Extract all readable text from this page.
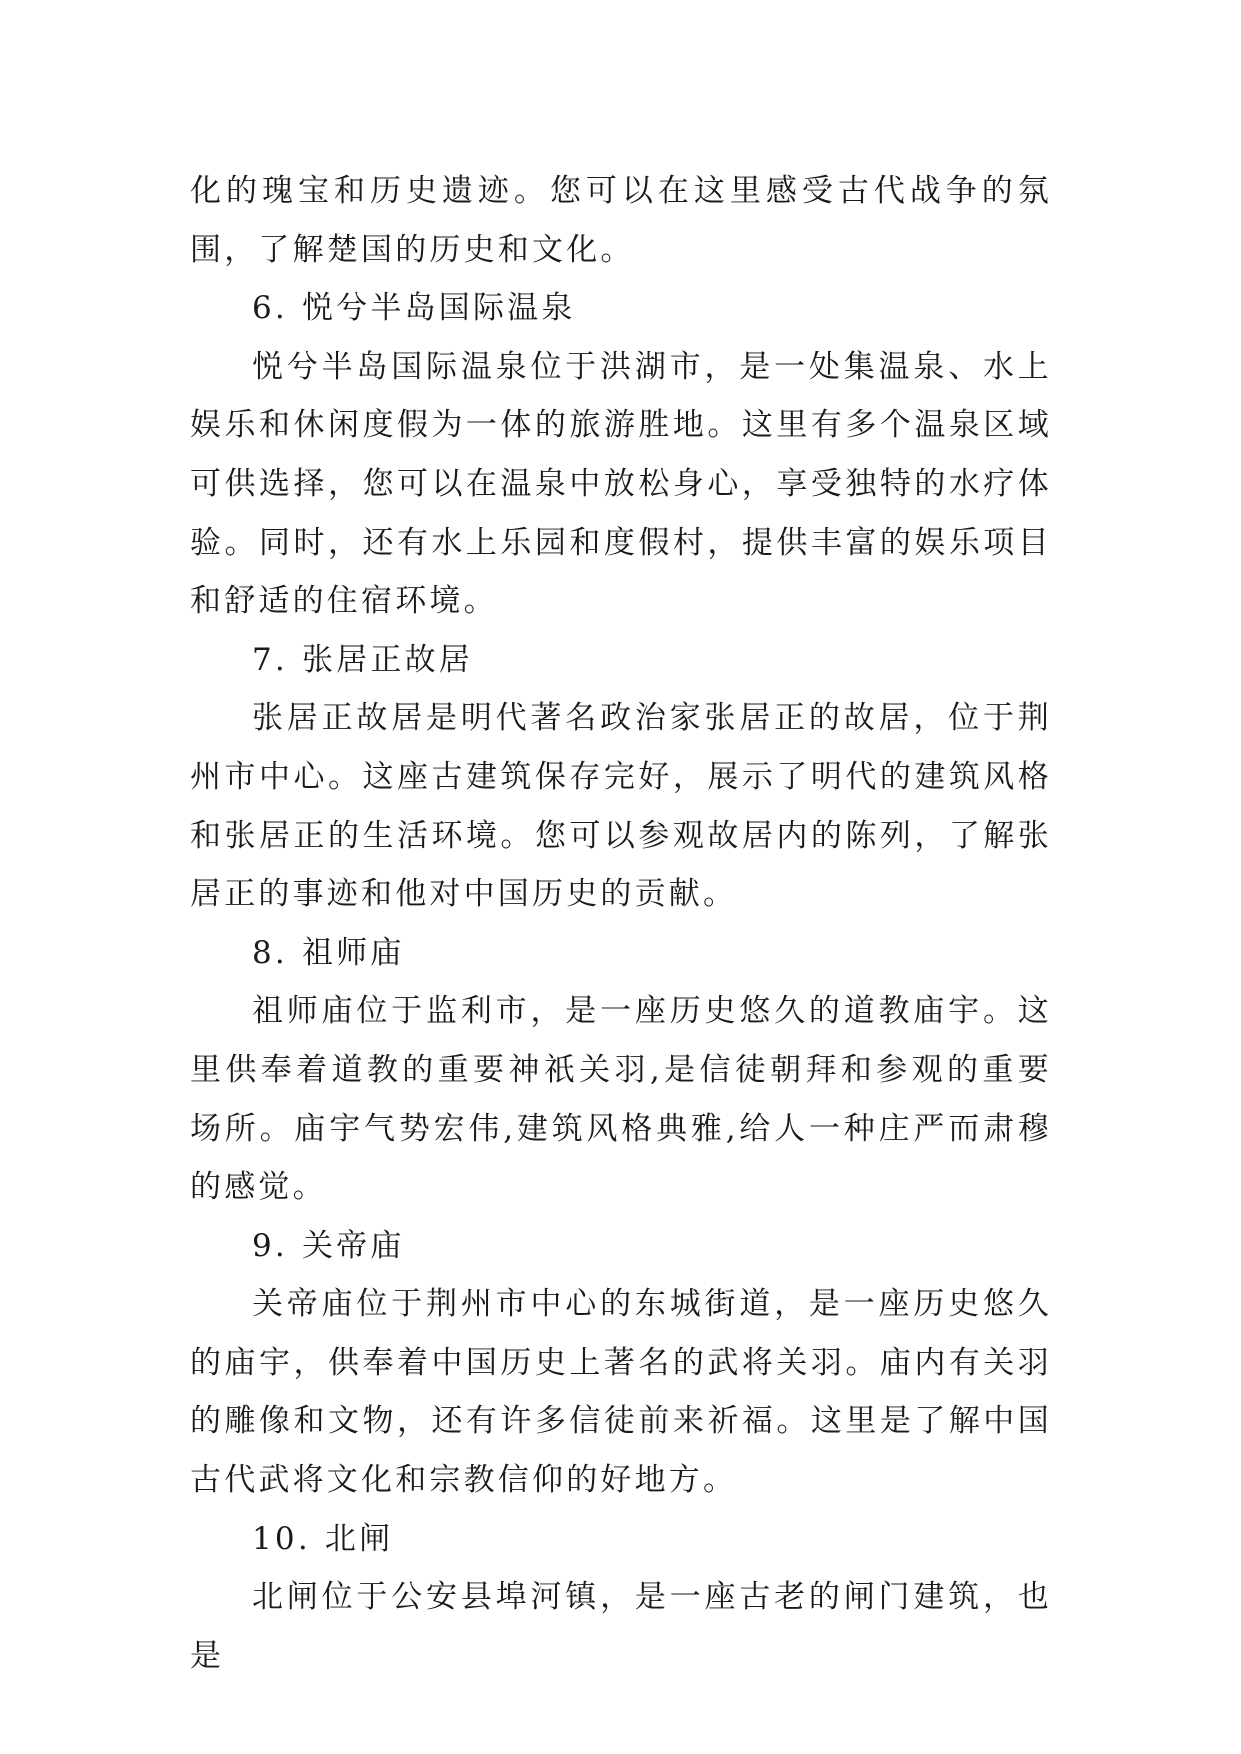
化的瑰宝和历史遗迹。您可以在这里感受古代战争的氛围，了解楚国的历史和文化。

6. 悦兮半岛国际温泉

悦兮半岛国际温泉位于洪湖市，是一处集温泉、水上娱乐和休闲度假为一体的旅游胜地。这里有多个温泉区域可供选择，您可以在温泉中放松身心，享受独特的水疗体验。同时，还有水上乐园和度假村，提供丰富的娱乐项目和舒适的住宿环境。

7. 张居正故居

张居正故居是明代著名政治家张居正的故居，位于荆州市中心。这座古建筑保存完好，展示了明代的建筑风格和张居正的生活环境。您可以参观故居内的陈列，了解张居正的事迹和他对中国历史的贡献。

8. 祖师庙

祖师庙位于监利市，是一座历史悠久的道教庙宇。这里供奉着道教的重要神祇关羽,是信徒朝拜和参观的重要场所。庙宇气势宏伟,建筑风格典雅,给人一种庄严而肃穆的感觉。

9. 关帝庙

关帝庙位于荆州市中心的东城街道，是一座历史悠久的庙宇，供奉着中国历史上著名的武将关羽。庙内有关羽的雕像和文物，还有许多信徒前来祈福。这里是了解中国古代武将文化和宗教信仰的好地方。

10. 北闸

北闸位于公安县埠河镇，是一座古老的闸门建筑，也是
